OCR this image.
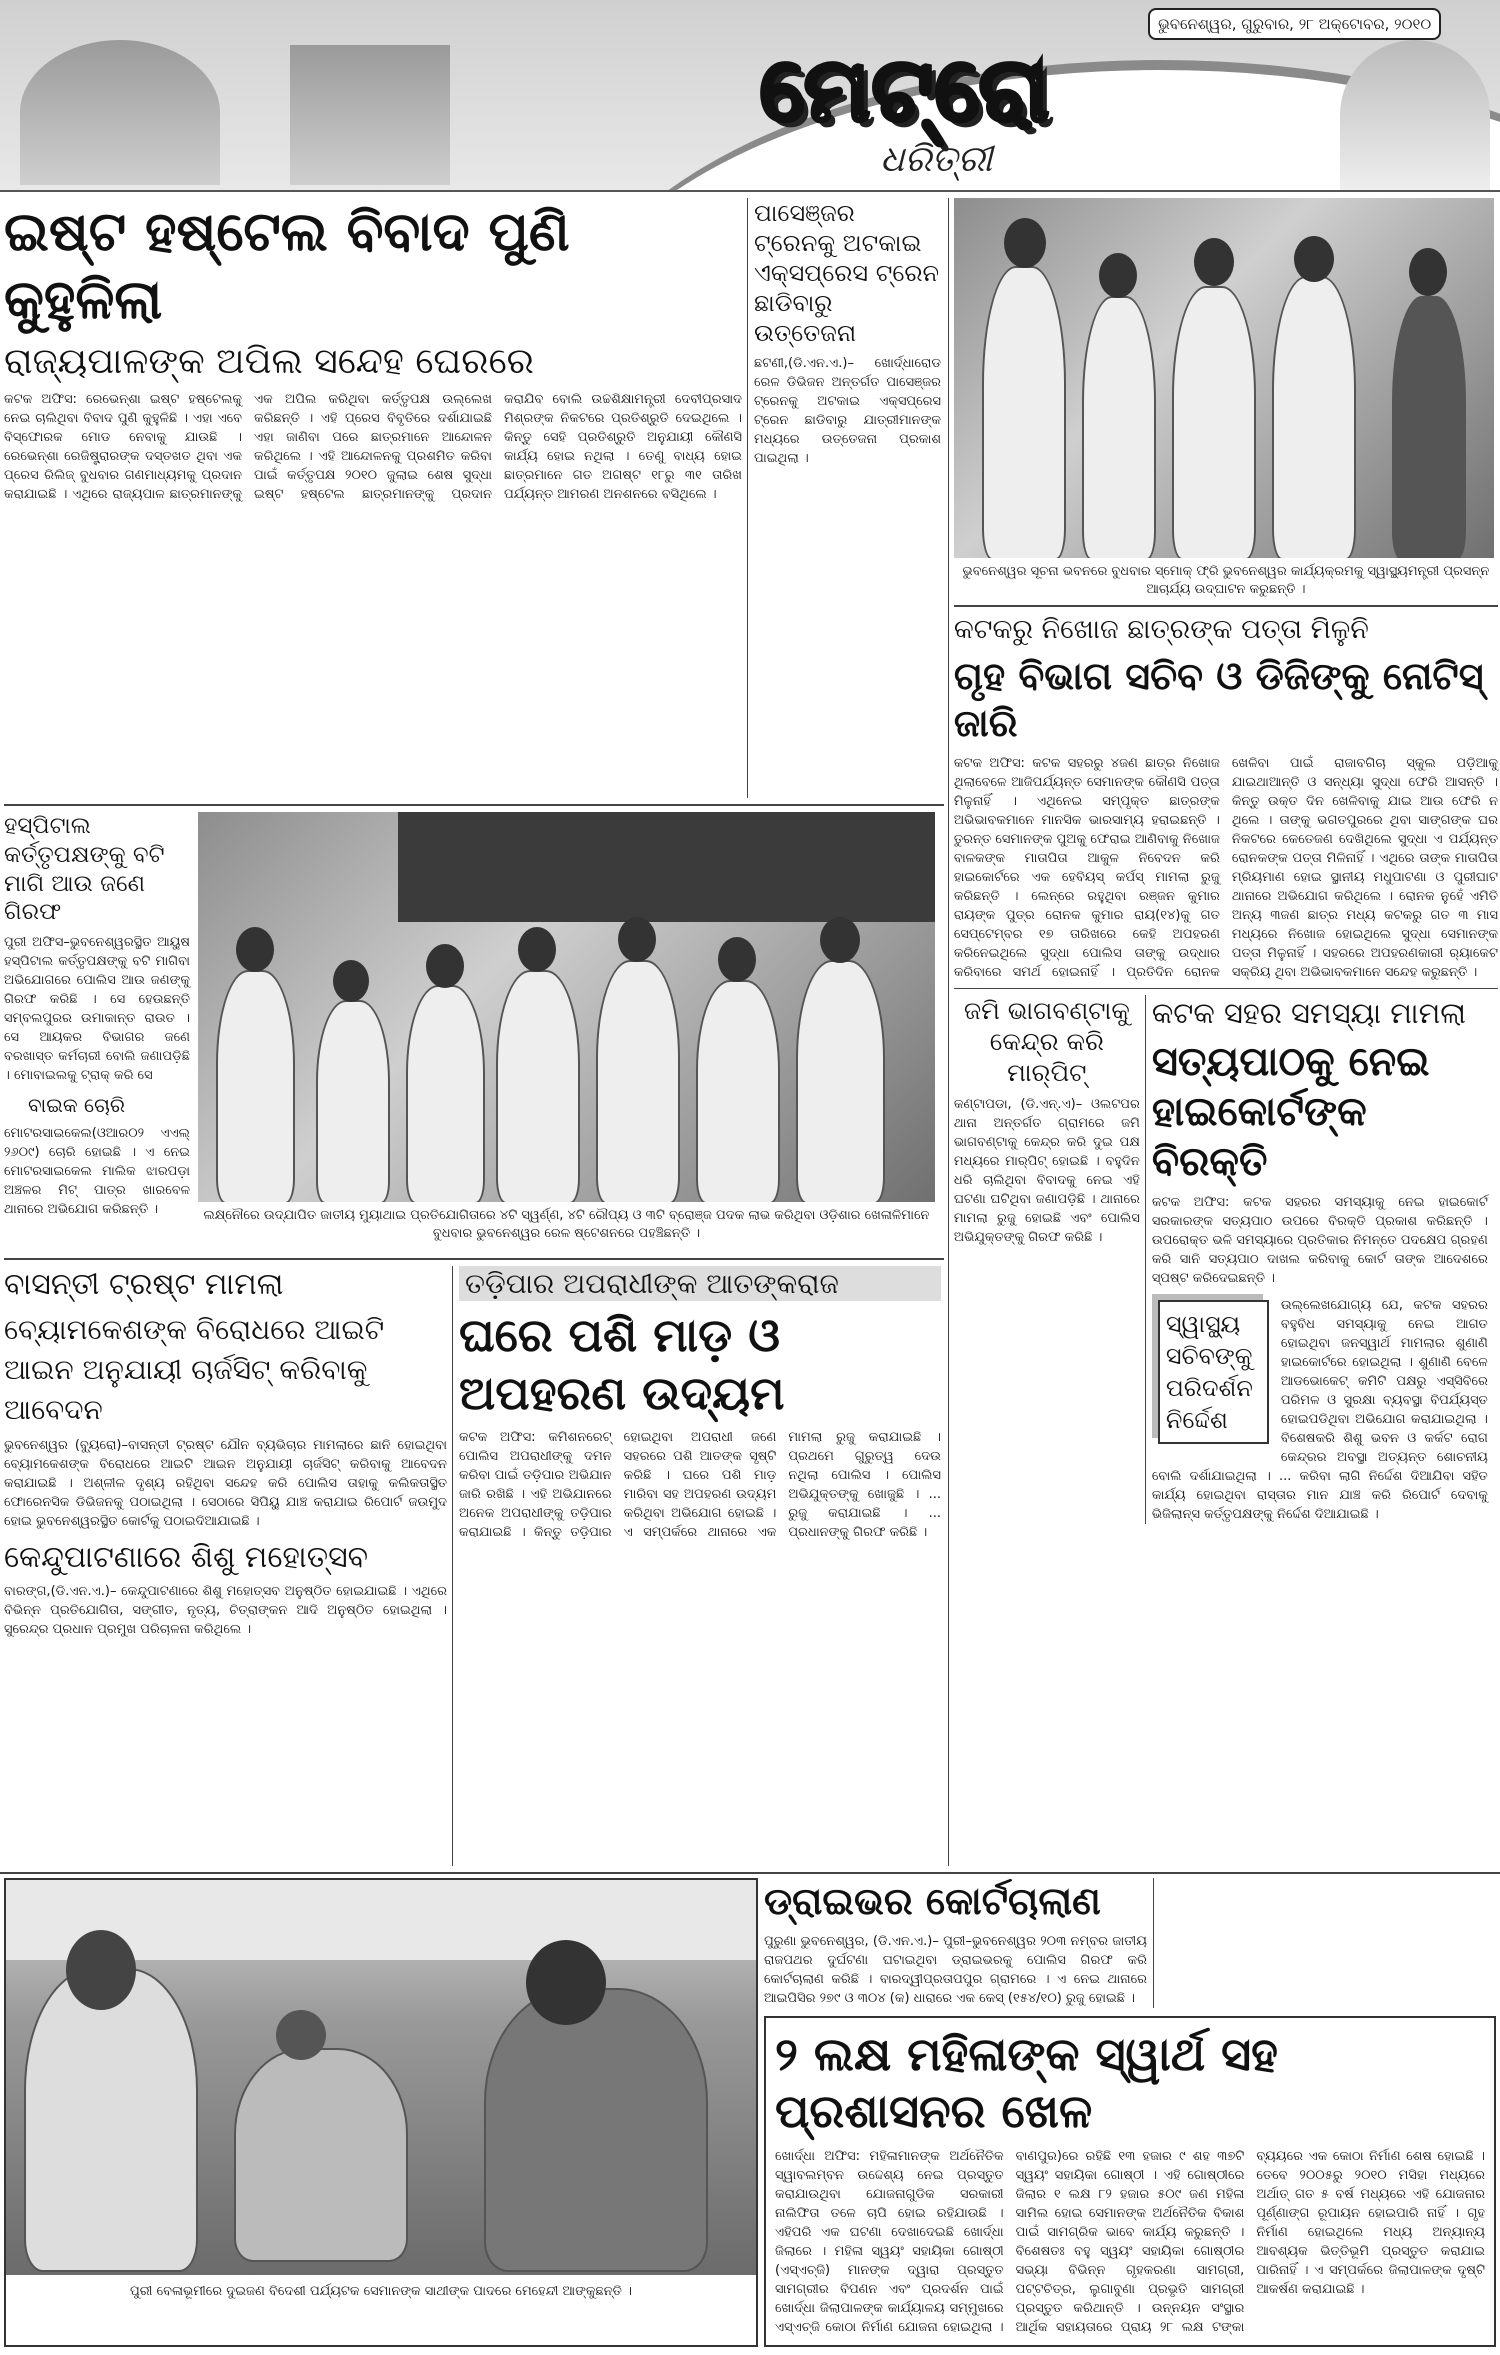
ଭୁବନେଶ୍ୱର, ଗୁରୁବାର, ୨୮ ଅକ୍ଟୋବର, ୨୦୧୦
ମେଟ୍ରୋ
ଧରିତ୍ରୀ
ଇଷ୍ଟ ହଷ୍ଟେଲ ବିବାଦ ପୁଣି କୁହୁଳିଲା
ରାଜ୍ୟପାଳଙ୍କ ଅପିଲ ସନ୍ଦେହ ଘେରରେ
କଟକ ଅଫିସ: ରେଭେନ୍‌ଶା ଇଷ୍ଟ ହଷ୍ଟେଲକୁ ନେଇ ଚାଲିଥିବା ବିବାଦ ପୁଣି କୁହୁଳିଛି । ଏହା ଏବେ ବିସ୍ଫୋରକ ମୋଡ ନେବାକୁ ଯାଉଛି । ରେଭେନ୍‌ଶା ରେଜିଷ୍ଟ୍ରାରଙ୍କ ଦସ୍ତଖତ ଥିବା ଏକ ପ୍ରେସ ରିଲିଜ୍ ବୁଧବାର ଗଣମାଧ୍ୟମକୁ ପ୍ରଦାନ କରାଯାଇଛି । ଏଥିରେ ରାଜ୍ୟପାଳ ଛାତ୍ରମାନଙ୍କୁ ଏକ ଅପିଲ କରିଥିବା କର୍ତ୍ତୃପକ୍ଷ ଉଲ୍ଲେଖ କରିଛନ୍ତି । ଏହି ପ୍ରେସ ବିବୃତିରେ ଦର୍ଶାଯାଇଛି ଏହା ଜାଣିବା ପରେ ଛାତ୍ରମାନେ ଆନ୍ଦୋଳନ କରିଥିଲେ । ଏହି ଆନ୍ଦୋଳନକୁ ପ୍ରଶମିତ କରିବା ପାଇଁ କର୍ତ୍ତୃପକ୍ଷ ୨୦୧୦ ଜୁଲାଇ ଶେଷ ସୁଦ୍ଧା ଇଷ୍ଟ ହଷ୍ଟେଲ ଛାତ୍ରମାନଙ୍କୁ ପ୍ରଦାନ କରାଯିବ ବୋଲି ଉଚ୍ଚଶିକ୍ଷାମନ୍ତ୍ରୀ ଦେବୀପ୍ରସାଦ ମିଶ୍ରଙ୍କ ନିକଟରେ ପ୍ରତିଶ୍ରୁତି ଦେଇଥିଲେ । କିନ୍ତୁ ସେହି ପ୍ରତିଶ୍ରୁତି ଅନୁଯାୟୀ କୌଣସି କାର୍ଯ୍ୟ ହୋଇ ନଥିଲା । ତେଣୁ ବାଧ୍ୟ ହୋଇ ଛାତ୍ରମାନେ ଗତ ଅଗଷ୍ଟ ୧୮ରୁ ୩୧ ତାରିଖ ପର୍ଯ୍ୟନ୍ତ ଆମରଣ ଅନଶନରେ ବସିଥିଲେ ।
ପାସେଞ୍ଜର ଟ୍ରେନକୁ ଅଟକାଇ ଏକ୍ସପ୍ରେସ ଟ୍ରେନ ଛାଡିବାରୁ ଉତ୍ତେଜନା
ଛଟଣୀ,(ଡି.ଏନ.ଏ.)– ଖୋର୍ଦ୍ଧାରୋଡ ରେଳ ଡିଭିଜନ ଅନ୍ତର୍ଗତ ପାସେଞ୍ଜର ଟ୍ରେନକୁ ଅଟକାଇ ଏକ୍ସପ୍ରେସ ଟ୍ରେନ ଛାଡିବାରୁ ଯାତ୍ରୀମାନଙ୍କ ମଧ୍ୟରେ ଉତ୍ତେଜନା ପ୍ରକାଶ ପାଇଥିଲା ।
ହସ୍ପିଟାଲ କର୍ତ୍ତୃପକ୍ଷଙ୍କୁ ବଟି ମାଗି ଆଉ ଜଣେ ଗିରଫ
ପୁରୀ ଅଫିସ–ଭୁବନେଶ୍ୱରସ୍ଥିତ ଆୟୁଷ ହସ୍ପିଟାଲ କର୍ତ୍ତୃପକ୍ଷଙ୍କୁ ବଟି ମାଗିବା ଅଭିଯୋଗରେ ପୋଲିସ ଆଉ ଜଣଙ୍କୁ ଗିରଫ କରିଛି । ସେ ହେଉଛନ୍ତି ସମ୍ବଲପୁରର ଉମାକାନ୍ତ ରାଉତ । ସେ ଆୟକର ବିଭାଗର ଜଣେ ବରଖାସ୍ତ କର୍ମଚାରୀ ବୋଲି ଜଣାପଡ଼ିଛି । ମୋବାଇଲକୁ ଟ୍ରାକ୍ କରି ସେ
ବାଇକ ଚୋରି
ମୋଟରସାଇକେଲ(ଓଆର୦୨ ଏଏଲ୍ ୨୬୦୯) ଚୋରି ହୋଇଛି । ଏ ନେଇ ମୋଟରସାଇକେଲ ମାଲିକ ଝାରପଡ଼ା ଅଞ୍ଚଳର ମିଟ୍ ପାତ୍ର ଖାରବେଳ ଥାନାରେ ଅଭିଯୋଗ କରିଛନ୍ତି ।	ଲକ୍ଷ୍ନୌରେ ଉଦ୍‌ଯାପିତ ଜାତୀୟ ମୁୟାଥାଇ ପ୍ରତିଯୋଗିତାରେ ୪ଟି ସ୍ୱର୍ଣ୍ଣ, ୪ଟି ରୌପ୍ୟ ଓ ୩ଟି ବ୍ରୋଞ୍ଜ ପଦକ ଲାଭ କରିଥିବା ଓଡ଼ିଶାର ଖେଳାଳିମାନେ ବୁଧବାର ଭୁବନେଶ୍ୱର ରେଳ ଷ୍ଟେଶନରେ ପହଞ୍ଚିଛନ୍ତି ।
ବାସନ୍ତୀ ଟ୍ରଷ୍ଟ ମାମଲା
ବ୍ୟୋମକେଶଙ୍କ ବିରୋଧରେ ଆଇଟି ଆଇନ ଅନୁଯାୟୀ ଚାର୍ଜସିଟ୍ କରିବାକୁ ଆବେଦନ
ଭୁବନେଶ୍ୱର (ବ୍ୟୁରୋ)–ବାସନ୍ତୀ ଟ୍ରଷ୍ଟ ଯୌନ ବ୍ୟଭିଚାର ମାମଲାରେ ଛାନି ହୋଇଥିବା ବ୍ୟୋମକେଶଙ୍କ ବିରୋଧରେ ଆଇଟି ଆଇନ ଅନୁଯାୟୀ ଚାର୍ଜସିଟ୍ କରିବାକୁ ଆବେଦନ କରାଯାଇଛି । ଅଶ୍ଳୀଳ ଦୃଶ୍ୟ ରହିଥିବା ସନ୍ଦେହ କରି ପୋଲିସ ତାହାକୁ କଲିକତାସ୍ଥିତ ଫୋରେନସିକ ଡିଭିଜନକୁ ପଠାଇଥିଲା । ସେଠାରେ ସିପିୟୁ ଯାଞ୍ଚ କରାଯାଇ ରିପୋର୍ଟ ଜଉମୁଦ ହୋଇ ଭୁବନେଶ୍ୱରସ୍ଥିତ କୋର୍ଟକୁ ପଠାଇଦିଆଯାଇଛି ।
କେନ୍ଦୁପାଟଣାରେ ଶିଶୁ ମହୋତ୍ସବ
ବାରଙ୍ଗ,(ଡି.ଏନ.ଏ.)– କେନ୍ଦୁପାଟଣାରେ ଶିଶୁ ମହୋତ୍ସବ ଅନୁଷ୍ଠିତ ହୋଇଯାଇଛି । ଏଥିରେ ବିଭିନ୍ନ ପ୍ରତିଯୋଗିତା, ସଙ୍ଗୀତ, ନୃତ୍ୟ, ଚିତ୍ରାଙ୍କନ ଆଦି ଅନୁଷ୍ଠିତ ହୋଇଥିଲା । ସୁରେନ୍ଦ୍ର ପ୍ରଧାନ ପ୍ରମୁଖ ପରିଚାଳନା କରିଥିଲେ ।
ତଡ଼ିପାର ଅପରାଧୀଙ୍କ ଆତଙ୍କରାଜ
ଘରେ ପଶି ମାଡ଼ ଓ ଅପହରଣ ଉଦ୍ୟମ
କଟକ ଅଫିସ: କମିଶନରେଟ୍ ପୋଲିସ ଅପରାଧୀଙ୍କୁ ଦମନ କରିବା ପାଇଁ ତଡ଼ିପାର ଅଭିଯାନ ଜାରି ରଖିଛି । ଏହି ଅଭିଯାନରେ ଅନେକ ଅପରାଧୀଙ୍କୁ ତଡ଼ିପାର କରାଯାଇଛି । କିନ୍ତୁ ତଡ଼ିପାର ହୋଇଥିବା ଅପରାଧୀ ଜଣେ ସହରରେ ପଶି ଆତଙ୍କ ସୃଷ୍ଟି କରିଛି । ଘରେ ପଶି ମାଡ଼ ମାରିବା ସହ ଅପହରଣ ଉଦ୍ୟମ କରିଥିବା ଅଭିଯୋଗ ହୋଇଛି । ଏ ସମ୍ପର୍କରେ ଥାନାରେ ଏକ ମାମଲା ରୁଜୁ କରାଯାଇଛି । ପ୍ରଥମେ ଗୁରୁତ୍ୱ ଦେଉ ନଥିଲା ପୋଲିସ । ପୋଲିସ ଅଭିଯୁକ୍ତଙ୍କୁ ଖୋଜୁଛି । ... ରୁଜୁ କରାଯାଇଛି । ... ପ୍ରଧାନଙ୍କୁ ଗିରଫ କରିଛି ।
ଭୁବନେଶ୍ୱର ସୂଚନା ଭବନରେ ବୁଧବାର ସ୍ମୋକ୍ ଫ୍ରି ଭୁବନେଶ୍ୱର କାର୍ଯ୍ୟକ୍ରମକୁ ସ୍ୱାସ୍ଥ୍ୟମନ୍ତ୍ରୀ ପ୍ରସନ୍ନ ଆଚାର୍ଯ୍ୟ ଉଦ୍‌ଘାଟନ କରୁଛନ୍ତି ।
କଟକରୁ ନିଖୋଜ ଛାତ୍ରଙ୍କ ପତ୍ତା ମିଳୁନି
ଗୃହ ବିଭାଗ ସଚିବ ଓ ଡିଜିଙ୍କୁ ନୋଟିସ୍ ଜାରି
କଟକ ଅଫିସ: କଟକ ସହରରୁ ୪ଜଣ ଛାତ୍ର ନିଖୋଜ ଥିଲାବେଳେ ଆଜିପର୍ଯ୍ୟନ୍ତ ସେମାନଙ୍କ କୌଣସି ପତ୍ତା ମିଳୁନାହିଁ । ଏଥିନେଇ ସମ୍ପୃକ୍ତ ଛାତ୍ରଙ୍କ ଅଭିଭାବକମାନେ ମାନସିକ ଭାରସାମ୍ୟ ହରାଇଛନ୍ତି । ତୁରନ୍ତ ସେମାନଙ୍କ ପୁଅକୁ ଫେରାଇ ଆଣିବାକୁ ନିଖୋଜ ବାଳକଙ୍କ ମାତାପିତା ଆକୁଳ ନିବେଦନ କରି ହାଇକୋର୍ଟରେ ଏକ ହେବିୟସ୍ କର୍ପସ୍ ମାମଲା ରୁଜୁ କରିଛନ୍ତି । ଲେନ୍‌ରେ ରହୁଥିବା ରଞ୍ଜନ କୁମାର ରାୟଙ୍କ ପୁତ୍ର ରୋନକ କୁମାର ରାୟ(୧୪)କୁ ଗତ ସେପ୍ଟେମ୍ବର ୧୭ ତାରିଖରେ କେହି ଅପହରଣ କରିନେଇଥିଲେ ସୁଦ୍ଧା ପୋଲିସ ତାଙ୍କୁ ଉଦ୍ଧାର କରିବାରେ ସମର୍ଥ ହୋଇନାହିଁ । ପ୍ରତିଦିନ ରୋନକ ଖେଳିବା ପାଇଁ ରାଜାବଗିଚା ସ୍କୁଲ ପଡ଼ିଆକୁ ଯାଇଥାଆନ୍ତି ଓ ସନ୍ଧ୍ୟା ସୁଦ୍ଧା ଫେରି ଆସନ୍ତି । କିନ୍ତୁ ଉକ୍ତ ଦିନ ଖେଳିବାକୁ ଯାଇ ଆଉ ଫେରି ନ ଥିଲେ । ତାଙ୍କୁ ଭଗତପୁରରେ ଥିବା ସାଙ୍ଗଙ୍କ ଘର ନିକଟରେ କେତେଜଣ ଦେଖିଥିଲେ ସୁଦ୍ଧା ଏ ପର୍ଯ୍ୟନ୍ତ ରୋନକଙ୍କ ପତ୍ତା ମିଳିନାହିଁ । ଏଥିରେ ତାଙ୍କ ମାତାପିତା ମ୍ରିୟମାଣ ହୋଇ ସ୍ଥାନୀୟ ମଧୁପାଟଣା ଓ ପୁରୀଘାଟ ଥାନାରେ ଅଭିଯୋଗ କରିଥିଲେ । ରୋନକ ନୁହେଁ ଏମିତି ଅନ୍ୟ ୩ଜଣ ଛାତ୍ର ମଧ୍ୟ କଟକରୁ ଗତ ୩ ମାସ ମଧ୍ୟରେ ନିଖୋଜ ହୋଇଥିଲେ ସୁଦ୍ଧା ସେମାନଙ୍କ ପତ୍ତା ମିଳୁନାହିଁ । ସହରରେ ଅପହରଣକାରୀ ର‍୍ୟାକେଟ ସକ୍ରିୟ ଥିବା ଅଭିଭାବକମାନେ ସନ୍ଦେହ କରୁଛନ୍ତି ।
ଜମି ଭାଗବଣ୍ଟାକୁ କେନ୍ଦ୍ର କରି ମାର୍‌ପିଟ୍
କଣ୍ଟାପଡା, (ଡି.ଏନ୍.ଏ)– ଓଲଟପର ଥାନା ଅନ୍ତର୍ଗତ ଗ୍ରାମରେ ଜମି ଭାଗବଣ୍ଟାକୁ କେନ୍ଦ୍ର କରି ଦୁଇ ପକ୍ଷ ମଧ୍ୟରେ ମାର୍‌ପିଟ୍ ହୋଇଛି । ବହୁଦିନ ଧରି ଚାଲିଥିବା ବିବାଦକୁ ନେଇ ଏହି ଘଟଣା ଘଟିଥିବା ଜଣାପଡ଼ିଛି । ଥାନାରେ ମାମଲା ରୁଜୁ ହୋଇଛି ଏବଂ ପୋଲିସ ଅଭିଯୁକ୍ତଙ୍କୁ ଗିରଫ କରିଛି ।
କଟକ ସହର ସମସ୍ୟା ମାମଲା
ସତ୍ୟପାଠକୁ ନେଇ ହାଇକୋର୍ଟଙ୍କ ବିରକ୍ତି
କଟକ ଅଫିସ: କଟକ ସହରର ସମସ୍ୟାକୁ ନେଇ ହାଇକୋର୍ଟ ସରକାରଙ୍କ ସତ୍ୟପାଠ ଉପରେ ବିରକ୍ତି ପ୍ରକାଶ କରିଛନ୍ତି । ଉପରୋକ୍ତ ଭଳି ସମସ୍ୟାରେ ପ୍ରତିକାର ନିମନ୍ତେ ପଦକ୍ଷେପ ଗ୍ରହଣ କରି ସାନି ସତ୍ୟପାଠ ଦାଖଲ କରିବାକୁ କୋର୍ଟ ତାଙ୍କ ଆଦେଶରେ ସ୍ପଷ୍ଟ କରିଦେଇଛନ୍ତି ।
ସ୍ୱାସ୍ଥ୍ୟ ସଚିବଙ୍କୁ ପରିଦର୍ଶନ ନିର୍ଦ୍ଦେଶ
ଉଲ୍ଲେଖଯୋଗ୍ୟ ଯେ, କଟକ ସହରର ବହୁବିଧ ସମସ୍ୟାକୁ ନେଇ ଆଗତ ହୋଇଥିବା ଜନସ୍ୱାର୍ଥ ମାମଲାର ଶୁଣାଣି ହାଇକୋର୍ଟରେ ହୋଇଥିଲା । ଶୁଣାଣି ବେଳେ ଆଡଭୋକେଟ୍ କମିଟି ପକ୍ଷରୁ ଏସ୍‌ସିବିରେ ପରିମଳ ଓ ସୁରକ୍ଷା ବ୍ୟବସ୍ଥା ବିପର୍ଯ୍ୟସ୍ତ ହୋଇପଡିଥିବା ଅଭିଯୋଗ କରାଯାଇଥିଲା । ବିଶେଷକରି ଶିଶୁ ଭବନ ଓ କର୍କଟ ରୋଗ କେନ୍ଦ୍ରର ଅବସ୍ଥା ଅତ୍ୟନ୍ତ ଶୋଚନୀୟ ବୋଲି ଦର୍ଶାଯାଇଥିଲା । ... କରିବା ଲାଗି ନିର୍ଦ୍ଦେଶ ଦିଆଯିବା ସହିତ କାର୍ଯ୍ୟ ହୋଇଥିବା ରାସ୍ତାର ମାନ ଯାଞ୍ଚ କରି ରିପୋର୍ଟ ଦେବାକୁ ଭିଜିଲାନ୍ସ କର୍ତ୍ତୃପକ୍ଷଙ୍କୁ ନିର୍ଦ୍ଦେଶ ଦିଆଯାଇଛି ।
ପୁରୀ ବେଳାଭୂମୀରେ ଦୁଇଜଣ ବିଦେଶୀ ପର୍ଯ୍ୟଟକ ସେମାନଙ୍କ ସାଥୀଙ୍କ ପାଦରେ ମେହେନ୍ଦୀ ଆଙ୍କୁଛନ୍ତି ।
ଡ୍ରାଇଭର କୋର୍ଟଚାଲାଣ
ପୁରୁଣା ଭୁବନେଶ୍ୱର, (ଡି.ଏନ.ଏ.)– ପୁରୀ–ଭୁବନେଶ୍ୱର ୨୦୩ ନମ୍ବର ଜାତୀୟ ରାଜପଥର ଦୁର୍ଘଟଣା ଘଟାଇଥିବା ଡ୍ରାଇଭରକୁ ପୋଲିସ ଗିରଫ କରି କୋର୍ଟଚାଲାଣ କରିଛି । ବାରଦ୍ୱୀପ୍ରତାପପୁର ଗ୍ରାମରେ । ଏ ନେଇ ଥାନାରେ ଆଇପିସିର ୨୭୯ ଓ ୩୦୪ (କ) ଧାରାରେ ଏକ କେସ୍ (୧୫୪/୧୦) ରୁଜୁ ହୋଇଛି ।
୨ ଲକ୍ଷ ମହିଳାଙ୍କ ସ୍ୱାର୍ଥ ସହ ପ୍ରଶାସନର ଖେଳ
ଖୋର୍ଦ୍ଧା ଅଫିସ: ମହିଳାମାନଙ୍କ ଅର୍ଥନୈତିକ ସ୍ୱାବଲମ୍ବନ ଉଦ୍ଦେଶ୍ୟ ନେଇ ପ୍ରସ୍ତୁତ କରାଯାଉଥିବା ଯୋଜନାଗୁଡିକ ସରକାରୀ ନାଲିଫିତା ତଳେ ଚାପି ହୋଇ ରହିଯାଉଛି । ଏହିପରି ଏକ ଘଟଣା ଦେଖାଦେଇଛି ଖୋର୍ଦ୍ଧା ଜିଲାରେ । ମହିଳା ସ୍ୱୟଂ ସହାୟିକା ଗୋଷ୍ଠୀ (ଏସ୍‌ଏଚ୍‌ଜି) ମାନଙ୍କ ଦ୍ୱାରା ପ୍ରସ୍ତୁତ ସାମଗ୍ରୀର ବିପଣନ ଏବଂ ପ୍ରଦର୍ଶନ ପାଇଁ ଖୋର୍ଦ୍ଧା ଜିଲାପାଳଙ୍କ କାର୍ଯ୍ୟାଳୟ ସମ୍ମୁଖରେ ଏସ୍‌ଏଚ୍‌ଜି କୋଠା ନିର୍ମାଣ ଯୋଜନା ହୋଇଥିଲା । ବାଣପୁର)ରେ ରହିଛି ୧୩ ହଜାର ୯ ଶହ ୩୭ଟି ସ୍ୱୟଂ ସହାୟିକା ଗୋଷ୍ଠୀ । ଏହି ଗୋଷ୍ଠୀରେ ଜିଲାର ୧ ଲକ୍ଷ ୮୨ ହଜାର ୫୦୯ ଜଣ ମହିଳା ସାମିଲ ହୋଇ ସେମାନଙ୍କ ଅର୍ଥନୈତିକ ବିକାଶ ପାଇଁ ସାମଗ୍ରିକ ଭାବେ କାର୍ଯ୍ୟ କରୁଛନ୍ତି । ବିଶେଷତଃ ବହୁ ସ୍ୱୟଂ ସହାୟିକା ଗୋଷ୍ଠୀର ସଭ୍ୟା ବିଭିନ୍ନ ଗୃହକରଣା ସାମଗ୍ରୀ, ପଟ୍ଟଚିତ୍ର, ଲୁଗାବୁଣା ପ୍ରଭୃତି ସାମଗ୍ରୀ ପ୍ରସ୍ତୁତ କରିଥାନ୍ତି । ଉନ୍ନୟନ ସଂସ୍ଥାର ଆର୍ଥିକ ସହାୟତାରେ ପ୍ରାୟ ୨୮ ଲକ୍ଷ ଟଙ୍କା ବ୍ୟୟରେ ଏକ କୋଠା ନିର୍ମାଣ ଶେଷ ହୋଇଛି । ତେବେ ୨୦୦୫ରୁ ୨୦୧୦ ମସିହା ମଧ୍ୟରେ ଅର୍ଥାତ୍ ଗତ ୫ ବର୍ଷ ମଧ୍ୟରେ ଏହି ଯୋଜନାର ପୂର୍ଣ୍ଣାଙ୍ଗ ରୂପାୟନ ହୋଇପାରି ନାହିଁ । ଗୃହ ନିର୍ମାଣ ହୋଇଥିଲେ ମଧ୍ୟ ଅନ୍ୟାନ୍ୟ ଆବଶ୍ୟକ ଭିତ୍ତିଭୂମି ପ୍ରସ୍ତୁତ କରାଯାଇ ପାରିନାହିଁ । ଏ ସମ୍ପର୍କରେ ଜିଲାପାଳଙ୍କ ଦୃଷ୍ଟି ଆକର୍ଷଣ କରାଯାଇଛି ।
